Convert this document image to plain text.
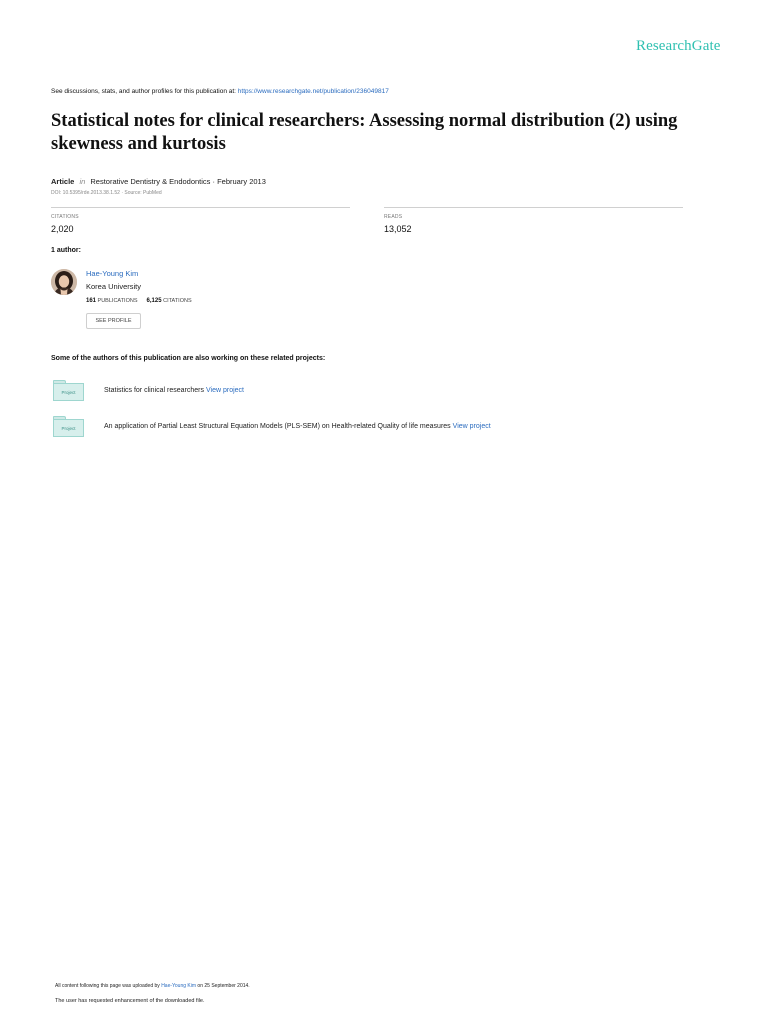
ResearchGate
See discussions, stats, and author profiles for this publication at: https://www.researchgate.net/publication/236049817
Statistical notes for clinical researchers: Assessing normal distribution (2) using skewness and kurtosis
Article in Restorative Dentistry & Endodontics · February 2013
DOI: 10.5395/rde.2013.38.1.52 · Source: PubMed
CITATIONS
2,020
READS
13,052
1 author:
Hae-Young Kim
Korea University
161 PUBLICATIONS 6,125 CITATIONS
SEE PROFILE
Some of the authors of this publication are also working on these related projects:
Project	Statistics for clinical researchers View project
Project	An application of Partial Least Structural Equation Models (PLS-SEM) on Health-related Quality of life measures View project
All content following this page was uploaded by Hae-Young Kim on 25 September 2014.
The user has requested enhancement of the downloaded file.
